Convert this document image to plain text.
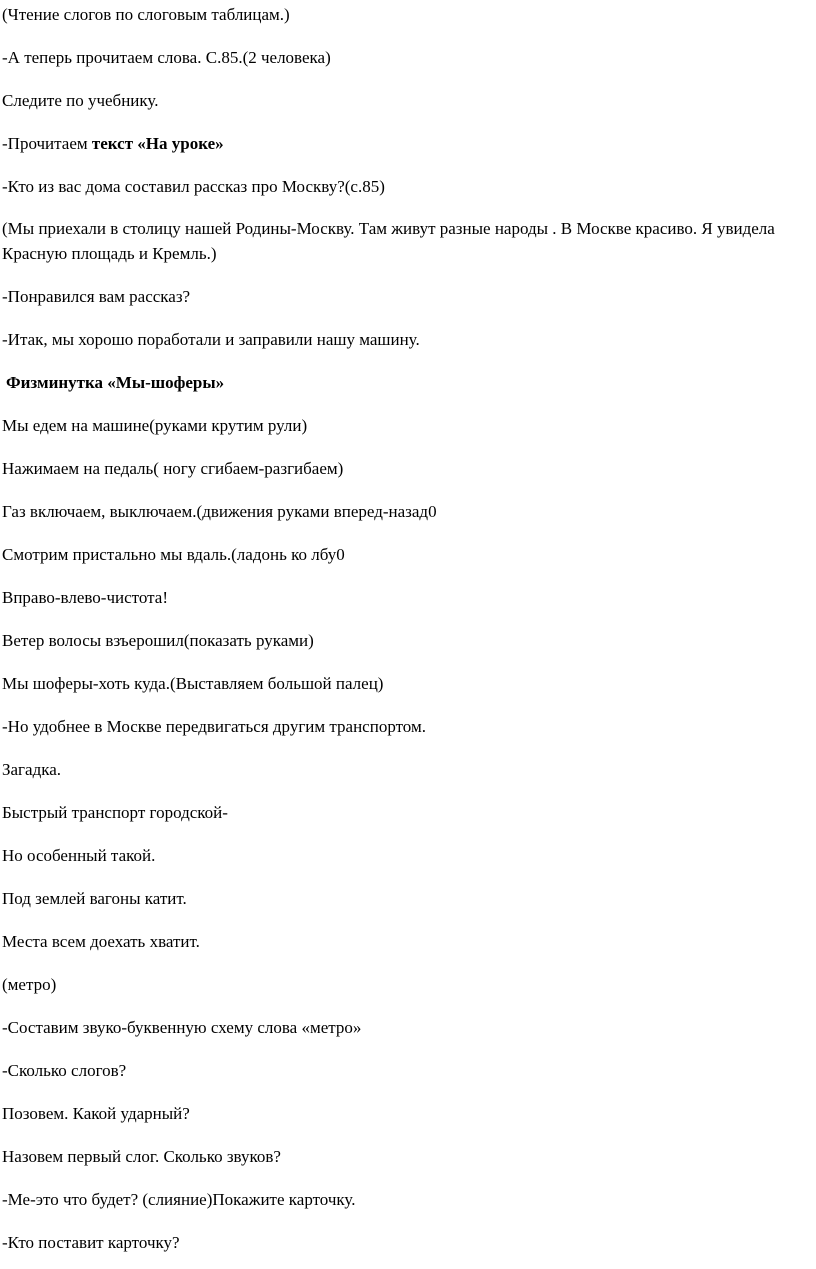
(Чтение слогов по слоговым таблицам.)
-А теперь прочитаем слова. С.85.(2 человека)
Следите по учебнику.
-Прочитаем текст «На уроке»
-Кто из вас дома составил рассказ про Москву?(с.85)
(Мы приехали в столицу нашей Родины-Москву. Там живут разные народы . В Москве красиво. Я увидела Красную площадь и Кремль.)
-Понравился вам рассказ?
-Итак, мы хорошо поработали и заправили нашу машину.
Физминутка «Мы-шоферы»
Мы едем на машине(руками крутим рули)
Нажимаем на педаль( ногу сгибаем-разгибаем)
Газ включаем, выключаем.(движения руками вперед-назад0
Смотрим пристально мы вдаль.(ладонь ко лбу0
Вправо-влево-чистота!
Ветер волосы взъерошил(показать руками)
Мы шоферы-хоть куда.(Выставляем большой палец)
-Но удобнее в Москве передвигаться другим транспортом.
Загадка.
Быстрый транспорт городской-
Но особенный такой.
Под землей вагоны катит.
Места всем доехать хватит.
(метро)
-Составим звуко-буквенную схему слова «метро»
-Сколько слогов?
Позовем. Какой ударный?
Назовем первый слог. Сколько звуков?
-Ме-это что будет? (слияние)Покажите карточку.
-Кто поставит карточку?
